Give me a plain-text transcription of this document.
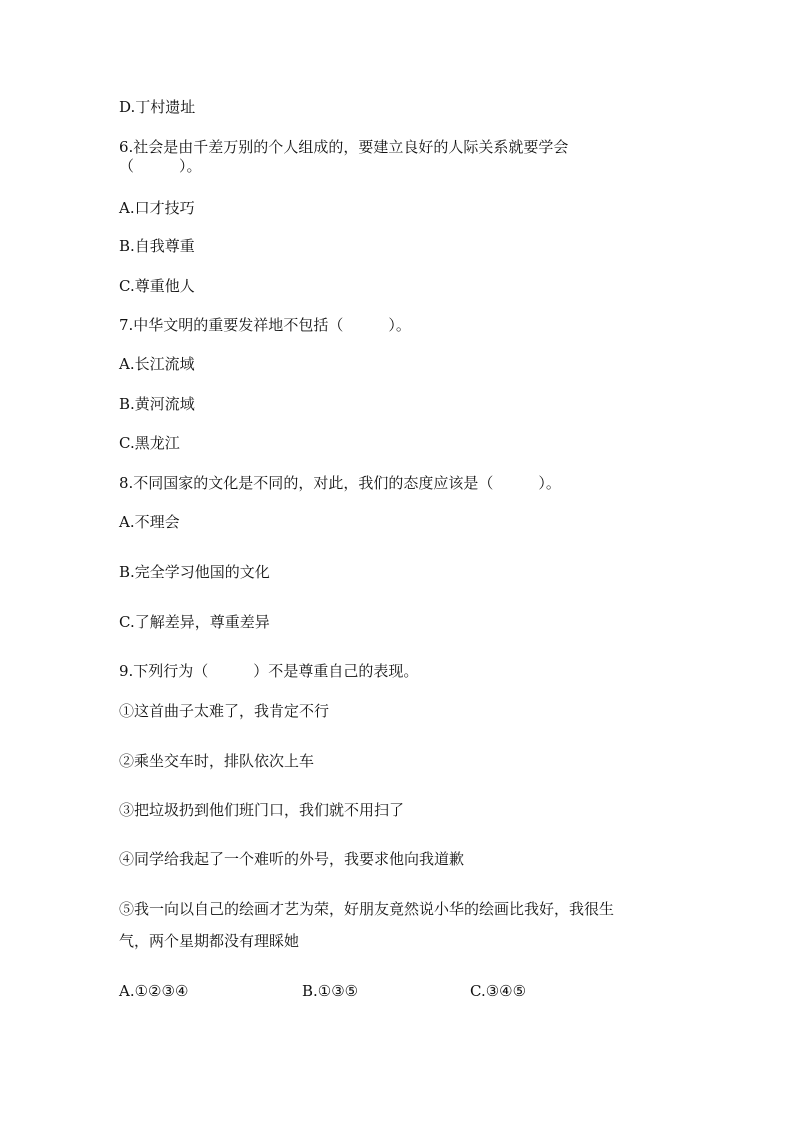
D.丁村遗址
6.社会是由千差万别的个人组成的，要建立良好的人际关系就要学会
（　　　）。
A.口才技巧
B.自我尊重
C.尊重他人
7.中华文明的重要发祥地不包括（　　　）。
A.长江流域
B.黄河流域
C.黑龙江
8.不同国家的文化是不同的，对此，我们的态度应该是（　　　）。
A.不理会
B.完全学习他国的文化
C.了解差异，尊重差异
9.下列行为（　　　）不是尊重自己的表现。
①这首曲子太难了，我肯定不行
②乘坐交车时，排队依次上车
③把垃圾扔到他们班门口，我们就不用扫了
④同学给我起了一个难听的外号，我要求他向我道歉
⑤我一向以自己的绘画才艺为荣，好朋友竟然说小华的绘画比我好，我很生
气，两个星期都没有理睬她
A.①②③④	B.①③⑤	C.③④⑤
